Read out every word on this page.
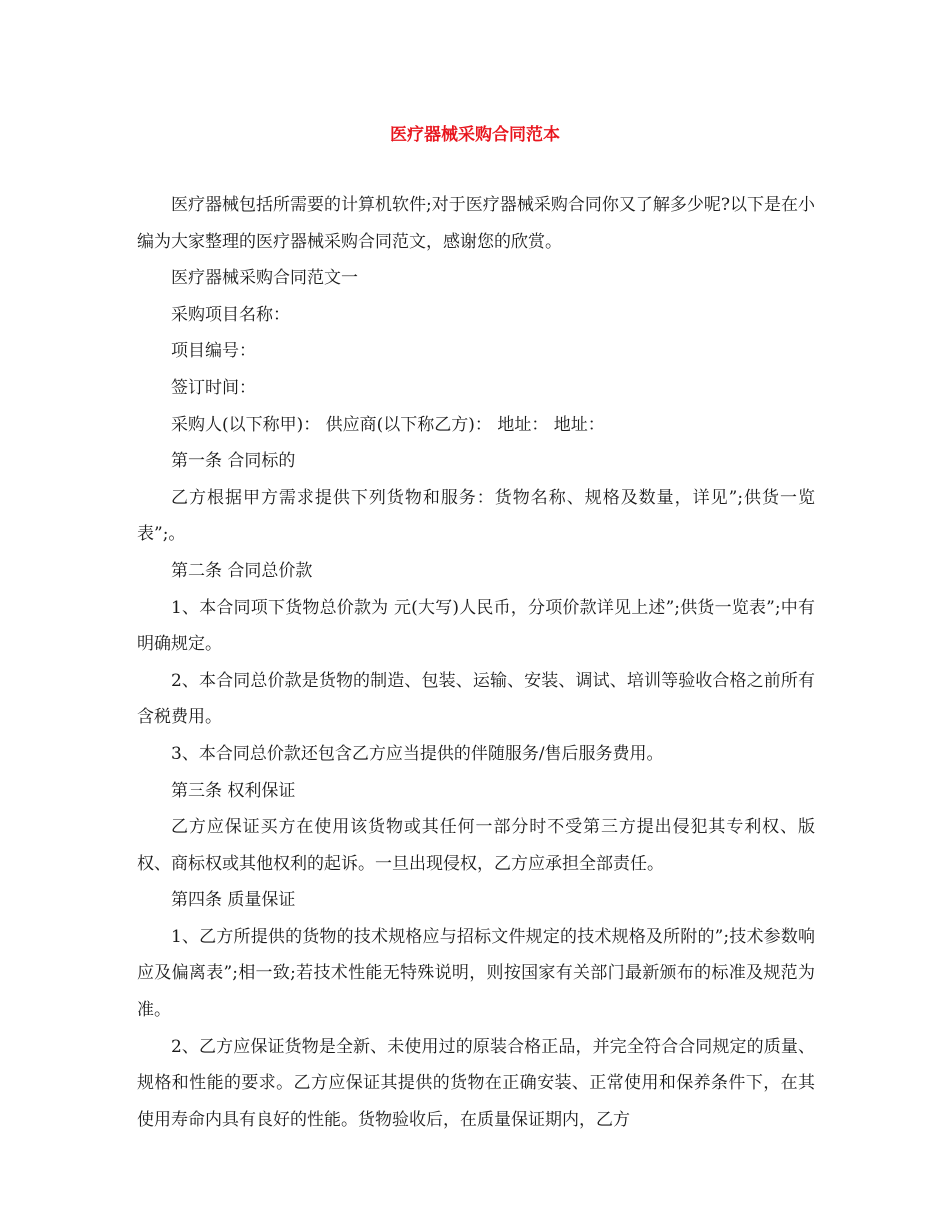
医疗器械采购合同范本

医疗器械包括所需要的计算机软件;对于医疗器械采购合同你又了解多少呢?以下是在小编为大家整理的医疗器械采购合同范文，感谢您的欣赏。

医疗器械采购合同范文一

采购项目名称：

项目编号：

签订时间：

采购人(以下称甲)： 供应商(以下称乙方)： 地址： 地址：

第一条 合同标的

乙方根据甲方需求提供下列货物和服务：货物名称、规格及数量，详见”;供货一览表”;。

第二条 合同总价款

1、本合同项下货物总价款为 元(大写)人民币，分项价款详见上述”;供货一览表”;中有明确规定。

2、本合同总价款是货物的制造、包装、运输、安装、调试、培训等验收合格之前所有含税费用。

3、本合同总价款还包含乙方应当提供的伴随服务/售后服务费用。

第三条 权利保证

乙方应保证买方在使用该货物或其任何一部分时不受第三方提出侵犯其专利权、版权、商标权或其他权利的起诉。一旦出现侵权，乙方应承担全部责任。

第四条 质量保证

1、乙方所提供的货物的技术规格应与招标文件规定的技术规格及所附的”;技术参数响应及偏离表”;相一致;若技术性能无特殊说明，则按国家有关部门最新颁布的标准及规范为准。

2、乙方应保证货物是全新、未使用过的原装合格正品，并完全符合合同规定的质量、规格和性能的要求。乙方应保证其提供的货物在正确安装、正常使用和保养条件下，在其使用寿命内具有良好的性能。货物验收后，在质量保证期内，乙方
